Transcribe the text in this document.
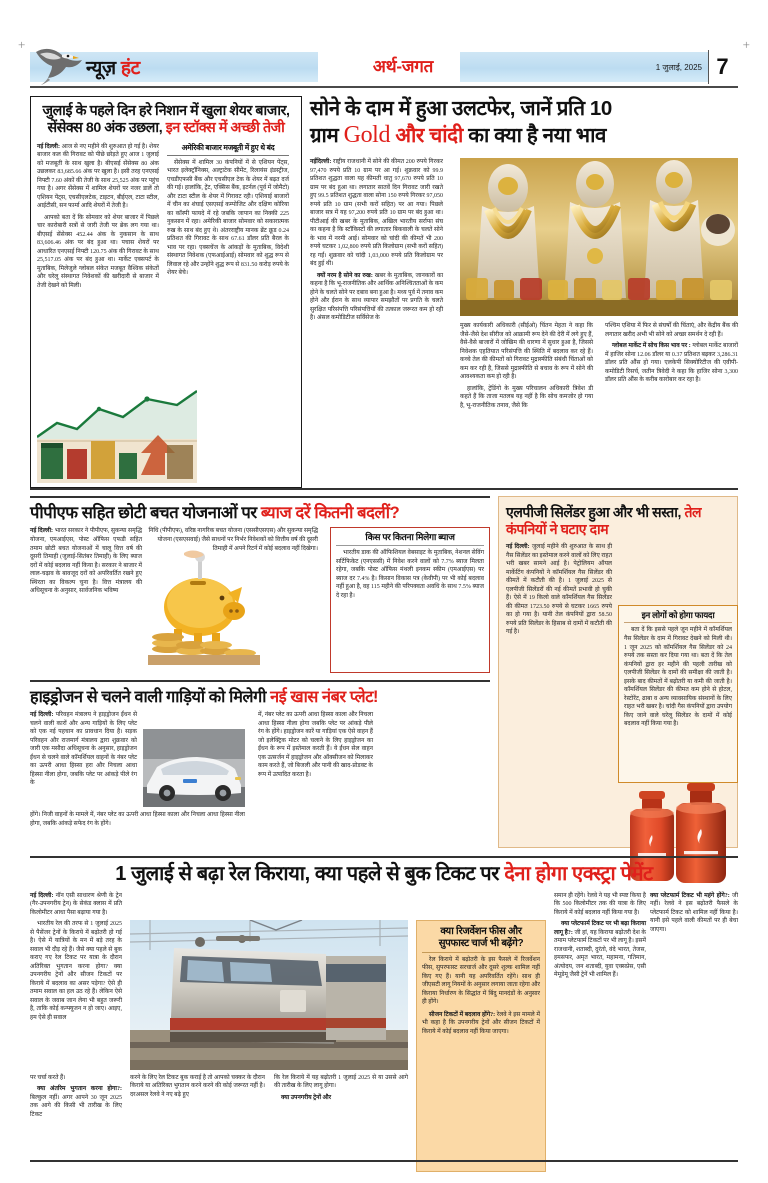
+	+
न्यूज़ हंट	अर्थ-जगत	1 जुलाई, 2025 7
जुलाई के पहले दिन हरे निशान में खुला शेयर बाजार,
सेंसेक्स 80 अंक उछला, इन स्टॉक्स में अच्छी तेजी

नई दिल्ली: आज से नए महीने की शुरुआत हो गई है। शेयर बाजार कल की गिरावट को पीछे छोड़ते हुए आज 1 जुलाई को मजबूती के साथ खुला है। बीएसई सेंसेक्स 80 अंक उछलकर 83,685.66 अंक पर खुला है। इसी तरह एनएसई निफ्टी 7.60 अंकों की तेजी के साथ 25,525 अंक पर पहुंच गया है। अगर सेंसेक्स में शामिल शेयरों पर नजर डालें तो एशियन पेंट्स, एचसीएलटेक, टाइटन, बीईएल, टाटा स्टील, आईटीसी, सन फार्मा आदि शेयरों में तेजी है।

आपको बता दें कि सोमवार को शेयर बाजार में पिछले चार कारोबारी सत्रों से जारी तेजी पर ब्रेक लग गया था। बीएसई सेंसेक्स 452.44 अंक के नुकसान के साथ 83,606.46 अंक पर बंद हुआ था। पचास शेयरों पर आधारित एनएसई निफ्टी 120.75 अंक की गिरावट के साथ 25,517.05 अंक पर बंद हुआ था। मार्केट एक्सपर्ट के मुताबिक, मिलेजुले ग्लोबल संकेत मजबूत वैश्विक संकेतों और घरेलू संस्थागत निवेशकों की खरीदारी से बाजार में तेजी देखने को मिली।

अमेरिकी बाजार मजबूती में हुए थे बंद

सेंसेक्स में शामिल 30 कंपनियों में से एशियन पेंट्स, भारत इलेक्ट्रॉनिक्स, अल्ट्राटेक सीमेंट, रिलायंस इंडस्ट्रीज, एचडीएफसी बैंक और एचसीएल टेक के शेयर में बढ़त दर्ज की गई। हालांकि, ट्रेंट, एक्सिस बैंक, इटर्नल (पूर्व में जोमैटो) और टाटा स्टील के शेयर में गिरावट रही। एशियाई बाजारों में चीन का शंघाई एसएसई कम्पोजिट और दक्षिण कोरिया का कॉस्पी फायदे में रहे जबकि जापान का निक्की 225 नुकसान में रहा। अमेरिकी बाजार सोमवार को सकारात्मक रुख के साथ बंद हुए थे। अंतरराष्ट्रीय मानक ब्रेंट क्रूड 0.24 प्रतिशत की गिरावट के साथ 67.61 डॉलर प्रति बैरल के भाव पर रहा। एक्सचेंज के आंकड़ों के मुताबिक, विदेशी संस्थागत निवेशक (एफआईआई) सोमवार को शुद्ध रूप से लिवाल रहे और उन्होंने शुद्ध रूप से 831.50 करोड़ रुपये के शेयर बेचे।

सोने के दाम में हुआ उलटफेर, जानें प्रति 10
ग्राम Gold और चांदी का क्या है नया भाव

नईदिल्ली: राष्ट्रीय राजधानी में सोने की कीमत 200 रुपये गिरकर 97,470 रुपये प्रति 10 ग्राम पर आ गई। शुक्रवार को 99.9 प्रतिशत शुद्धता वाला यह कीमती धातु 97,670 रुपये प्रति 10 ग्राम पर बंद हुआ था। लगातार सातवें दिन गिरावट जारी रखते हुए 99.5 प्रतिशत शुद्धता वाला सोना 150 रुपये गिरकर 97,050 रुपये प्रति 10 ग्राम (सभी करों सहित) पर आ गया। पिछले बाजार सत्र में यह 97,200 रुपये प्रति 10 ग्राम पर बंद हुआ था। पीटीआई की खबर के मुताबिक, अखिल भारतीय सर्राफा संघ का कहना है कि स्टॉकिस्टों की लगातार बिकवाली के चलते सोने के भाव में नरमी आई। सोमवार को चांदी की कीमतें भी 200 रुपये घटकर 1,02,800 रुपये प्रति किलोग्राम (सभी करों सहित) रह गईं। शुक्रवार को चांदी 1,03,000 रुपये प्रति किलोग्राम पर बंद हुई थी।

क्यों नरम है सोने का रुख: खबर के मुताबिक, जानकारों का कहना है कि भू-राजनीतिक और आर्थिक अनिश्चितताओं के कम होने के चलते सोने पर दबाव बना हुआ है। मध्य पूर्व में तनाव कम होने और ईरान के साथ व्यापार समझौतों पर प्रगति के चलते सुरक्षित परिसंपत्ति परिसंपत्तियों की तत्काल जरूरत कम हो रही है। अंसल कमोडिटीज सर्विसेज के

मुख्य कार्यकारी अधिकारी (सीईओ) चिंतन मेहता ने कहा कि जैसे-जैसे देश सीरीज को आक्रामी रूप देने की देरी में लगे हुए हैं, वैसे-वैसे बाजारों में जोखिम की धारणा में सुधार हुआ है, जिससे निवेशक एहतियात परिसंपत्ति की स्थिति में बदलाव कर रहे हैं। कच्चे तेल की कीमतों को गिरावट मुद्रास्फीति संबंधी चिंताओं को कम कर रही है, जिससे मुद्रास्फीति से बचाव के रूप में सोने की आवश्यकता कम हो रही है।

हालांकि, ट्रेडिंगो के मुख्य परिचालन अधिकारी त्रिवेश डी कहते हैं कि ताजा मतलब यह नहीं है कि सोच कमजोर हो गया है, भू-राजनीतिक तनाव, जैसे कि

पश्चिम एशिया में फिर से संघर्षों की चिंताएं, और केंद्रीय बैंक की लगातार खरीद अभी भी सोने को अच्छा समर्थन दे रही हैं।

ग्लोबल मार्केट में सोच किस भाव पर : ग्लोबल मार्केट बाजारों में हाजिर सोना 12.06 डॉलर या 0.37 प्रतिशत बढ़कर 3,286.31 डॉलर प्रति औंस हो गया। एलकेपी सिक्योरिटीज की एवीपी-कमोडिटी रिसर्च, जतीन त्रिवेदी ने कहा कि हाजिर सोना 3,300 डॉलर प्रति औंस के करीब कारोबार कर रहा है।

पीपीएफ सहित छोटी बचत योजनाओं पर ब्याज दरें कितनी बदलीं?

नई दिल्ली: भारत सरकार ने पीपीएफ, सुकन्या समृद्धि योजना, एमआईएस, पोस्ट ऑफिस एफडी सहित तमाम छोटी बचत योजनाओं में चालू वित्त वर्ष की दूसरी तिमाही (जुलाई-सितंबर तिमाही) के लिए ब्याज दरों में कोई बदलाव नहीं किया है। सरकार ने बाजार में लाल-चढ़ाव के बावजूद दरों को अपरिवर्तित रखने हुए स्थिरता का विकल्प चुना है। वित्त मंत्रालय की अधिसूचना के अनुसार, सार्वजनिक भविष्य

निधि (पीपीएफ), वरिष्ठ नागरिक बचत योजना (एससीएसएस) और सुकन्या समृद्धि योजना (एसएसवाई) जैसे साधनों पर निर्भर निवेशकों को वित्तीय वर्ष की दूसरी तिमाही में अपने रिटर्न में कोई बदलाव नहीं दिखेगा।

किस पर कितना मिलेगा ब्याज

भारतीय डाक की ऑफिशियल वेबसाइट के मुताबिक, नेशनल सेविंग सर्टिफिकेट (एनएससी) में निवेश करने वालों को 7.7% ब्याज मिलता रहेगा, जबकि पोस्ट ऑफिस मंथली इनकम स्कीम (एमआईएस) पर ब्याज दर 7.4% है। किसान विकास पत्र (केवीपी) पर भी कोई बदलाव नहीं हुआ है, वह 115 महीने की परिपक्वता अवधि के साथ 7.5% ब्याज दे रहा है।

एलपीजी सिलेंडर हुआ और भी सस्ता, तेल कंपनियों ने घटाए दाम

नई दिल्ली: जुलाई महीने की शुरुआत के साथ ही गैस सिलेंडर का इस्तेमाल करने वालों को लिए राहत भरी खबर सामने आई है। पेट्रोलियम ऑयल मार्केटिंग कंपनियों ने कॉमर्शियल गैस सिलेंडर की कीमतें में कटौती की है। 1 जुलाई 2025 से एलपीजी सिलेंडरों की नई कीमतें प्रभावी हो चुकी हैं। ऐसे में 19 किलो वाले कॉमर्शियल गैस सिलेंडर की कीमत 1723.50 रुपये से घटकर 1665 रुपये का हो गया है। यानी तेल कंपनियों द्वारा 58.50 रुपये प्रति सिलेंडर के हिसाब से दामों में कटौती की गई है।

इन लोगों को होगा फायदा

बता दें कि इससे पहले जून महीने में कॉमर्शियल गैस सिलेंडर के दाम में गिरावट देखने को मिली थी। 1 जून 2025 को कॉमर्शियल गैस सिलेंडर को 24 रुपये तक सस्ता कर दिया गया था। बता दें कि तेल कंपनियों द्वारा हर महीने की पहली तारीख को एलपीजी सिलेंडर के दामों की समीक्षा की जाती है। इसके बाद कीमतों में बढ़ोतरी या कमी की जाती है। कॉमर्शियल सिलेंडर की कीमत कम होने से होटल, रेस्टोरेंट, ढाबा व अन्य व्यावसायिक संस्थानों के लिए राहत भरी खबर है। चांदी गैस कंपनियों द्वारा उपयोग किए जाने वाले घरेलू सिलेंडर के दामों में कोई बदलाव नहीं किया गया है।

हाइड्रोजन से चलने वाली गाड़ियों को मिलेगी नई खास नंबर प्लेट!

नई दिल्ली: परिवहन मंत्रालय ने हाइड्रोजन ईंधन से चलने वाली कारों और अन्य गाड़ियों के लिए प्लेट को एक नई पहचान का प्रावधान दिया है। सड़क परिवहन और राजमार्ग मंत्रालय द्वारा शुक्रवार को जारी एक मसौदा अधिसूचना के अनुसार, हाइड्रोजन ईंधन से चलने वाले कॉमर्शियल वाहनों के नंबर प्लेट का ऊपरी आधा हिस्सा हरा और निचला आधा हिस्सा नीला होगा, जबकि प्लेट पर आंकड़े पीले रंग के

होंगे। निजी वाहनों के मामले में, नंबर प्लेट का ऊपरी आधा हिस्सा काला और निचला आधा हिस्सा नीला होगा, जबकि आंकड़े सफेद रंग के होंगे।

में, नंबर प्लेट का ऊपरी आधा हिस्सा काला और निचला आधा हिस्सा नीला होगा जबकि प्लेट पर आंकड़े पीले रंग के होंगे। हाइड्रोजन कारें या गाड़ियां एक ऐसे वाहन हैं जो इलेक्ट्रिक मोटर को चलाने के लिए हाइड्रोजन का ईंधन के रूप में इस्तेमाल करती हैं। ये ईंधन सेल वाहन एक उत्सर्जन में हाइड्रोजन और ऑक्सीजन को मिलाकर काम करते हैं, जो बिजली और पानी की खाद-प्रोडक्ट के रूप में उत्पादित करता है।

1 जुलाई से बढ़ा रेल किराया, क्या पहले से बुक टिकट पर देना होगा एक्स्ट्रा पेमेंट

नई दिल्ली: नॉन एसी साधारण श्रेणी के ट्रेन (गैर-उपनगरीय ट्रेन) के सेकंड क्लास में प्रति किलोमीटर आधा पैसा बढ़ाया गया है।

भारतीय रेल की तरफ से 1 जुलाई 2025 से पैसेंजर ट्रेनों के किराये में बढ़ोतरी हो गई है। ऐसे में यात्रियों के मन में बड़े तरह के सवाल भी दौड़ रहे हैं। जैसे क्या पहले से बुक कराए गए रेल टिकट पर यात्रा के दौरान अतिरिक्त भुगतान करना होगा? क्या उपनगरीय ट्रेनों और सीजन टिकटों पर किराये में बदलाव का असर पड़ेगा? ऐसे ही तमाम सवाल का हल उठ रहे हैं। लेकिन ऐसे सवाल के जवाब जान लेना भी बहुत जरूरी है, ताकि कोई कन्फ्यूजन न हो जाए। आइए, हम ऐसे ही सवाल

क्या रिजर्वेशन फीस और
सुपफास्ट चार्ज भी बढ़ेंगे?

रेल किराये में बढ़ोतरी के इस फैसले में रिजर्वेशन फीस, सुपरफास्ट सरचार्ज और दूसरे शुल्क शामिल नहीं किए गए हैं। यानी यह अपरिवर्तित रहेंगे। साथ ही जीएसटी लागू नियमों के अनुसार लगाया जाता रहेगा और किराया निर्धारण के सिद्धांत में बिंदु मानदंडों के अनुसार ही होंगे।

सीजन टिकटों में बदलाव होंगे?: रेलवे ने इस मामले में भी कहा है कि उपनगरीय ट्रेनों और सीजन टिकटों में किराये में कोई बदलाव नहीं किया जाएगा।

समान ही रहेंगे। रेलवे ने यह भी स्पष्ट किया है कि 500 किलोमीटर तक की यात्रा के लिए किराये में कोई बदलाव नहीं किया गया है।

क्या प्लेटफार्म टिकट पर भी बढ़ा किराया लागू है?: जी हां, यह किराया बढ़ोतरी देश के तमाम प्लेटफार्म टिकटों पर भी लागू है। इसमें राजधानी, शताब्दी, दुरंतो, वंदे भारत, तेजस, हमसफर, अमृत भारत, महामना, गतिमान, अंत्योदय, जन शताब्दी, युवा एक्सप्रेस, एसी मेमूडेमू जैसी ट्रेनें भी शामिल हैं।

क्या प्लेटफार्म टिकट भी महंगे होंगे?: जी नहीं। रेलवे ने इस बढ़ोतरी फैसले के प्लेटफार्म टिकट को शामिल नहीं किया है। यानी इसे पहले वाली कीमतों पर ही बेचा जाएगा।

पर चर्चा करते हैं।

क्या अंतरिम भुगतान करना होगा?: बिल्कुल नहीं। अगर आपने 30 जून 2025 तक आगे की किसी भी तारीख के लिए टिकट

करने के लिए रेल टिकट बुक कराई है तो आपको चक्कर के दौरान किराये या अतिरिक्त भुगतान करने करने की कोई जरूरत नहीं है। दरअसल रेलवे ने नए बढ़े हुए

कि रेल किराये में यह बढ़ोतरी 1 जुलाई 2025 से या उससे आगे की तारीख के लिए लागू होगा।

क्या उपनगरीय ट्रेनों और
